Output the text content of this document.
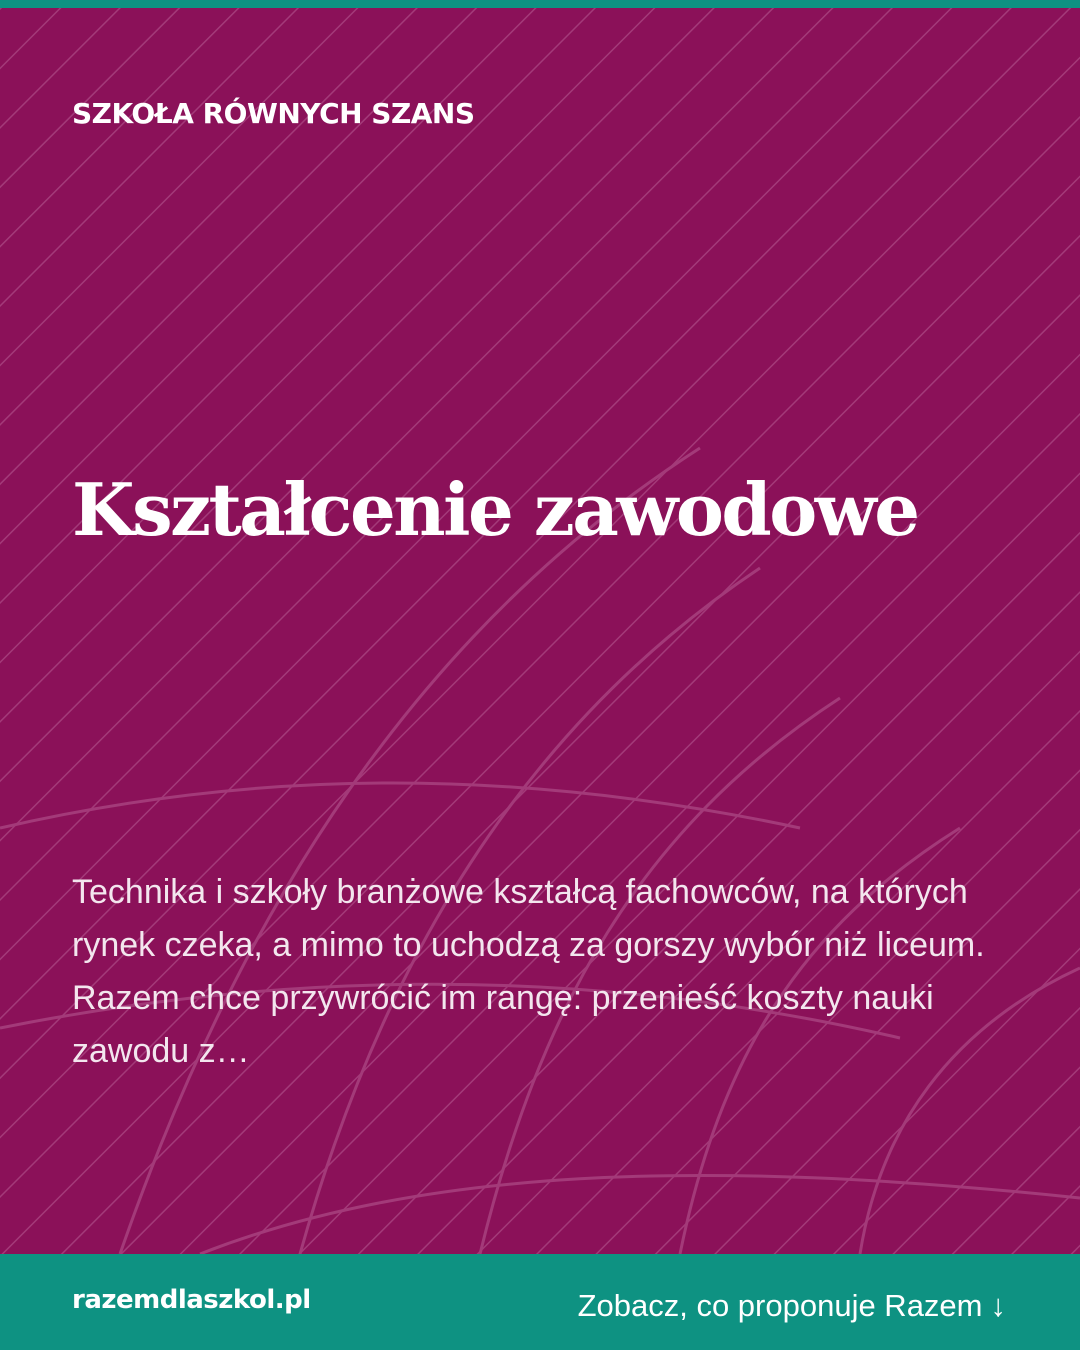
SZKOŁA RÓWNYCH SZANS

Kształcenie zawodowe

Technika i szkoły branżowe kształcą fachowców, na których rynek czeka, a mimo to uchodzą za gorszy wybór niż liceum. Razem chce przywrócić im rangę: przenieść koszty nauki zawodu z…

razemdlaszkol.pl	Zobacz, co proponuje Razem ↓
